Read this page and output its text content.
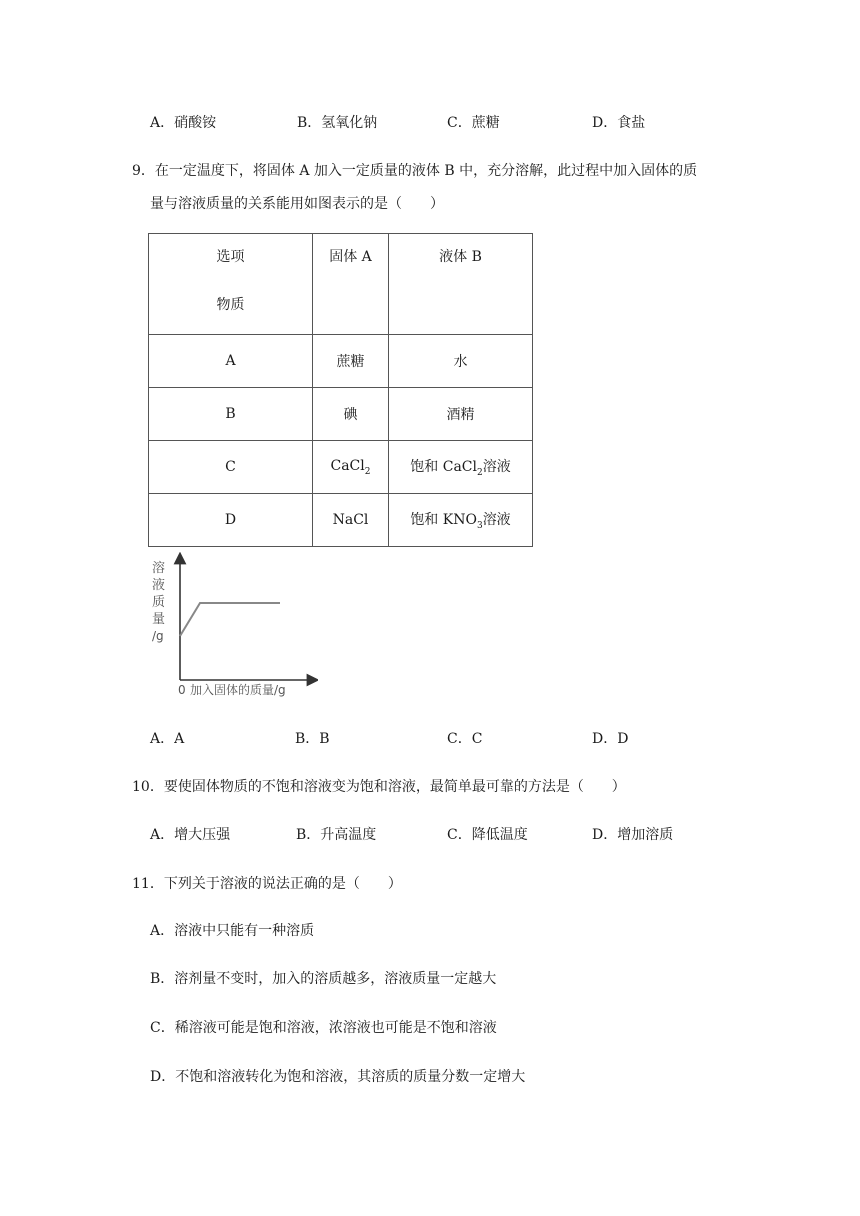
A．硝酸铵	B．氢氧化钠	C．蔗糖	D．食盐
9．在一定温度下，将固体 A 加入一定质量的液体 B 中，充分溶解，此过程中加入固体的质
量与溶液质量的关系能用如图表示的是（　　）
选项
物质	固体 A	液体 B

A	蔗糖	水
B	碘	酒精
C	CaCl$_2$	饱和 CaCl$_2$溶液
D	NaCl	饱和 $KNO_3$溶液
溶
液
质
量
/g
0 加入固体的质量/g
A．A	B．B	C．C	D．D
10．要使固体物质的不饱和溶液变为饱和溶液，最简单最可靠的方法是（　　）
A．增大压强	B．升高温度	C．降低温度	D．增加溶质
11．下列关于溶液的说法正确的是（　　）
A．溶液中只能有一种溶质
B．溶剂量不变时，加入的溶质越多，溶液质量一定越大
C．稀溶液可能是饱和溶液，浓溶液也可能是不饱和溶液
D．不饱和溶液转化为饱和溶液，其溶质的质量分数一定增大
